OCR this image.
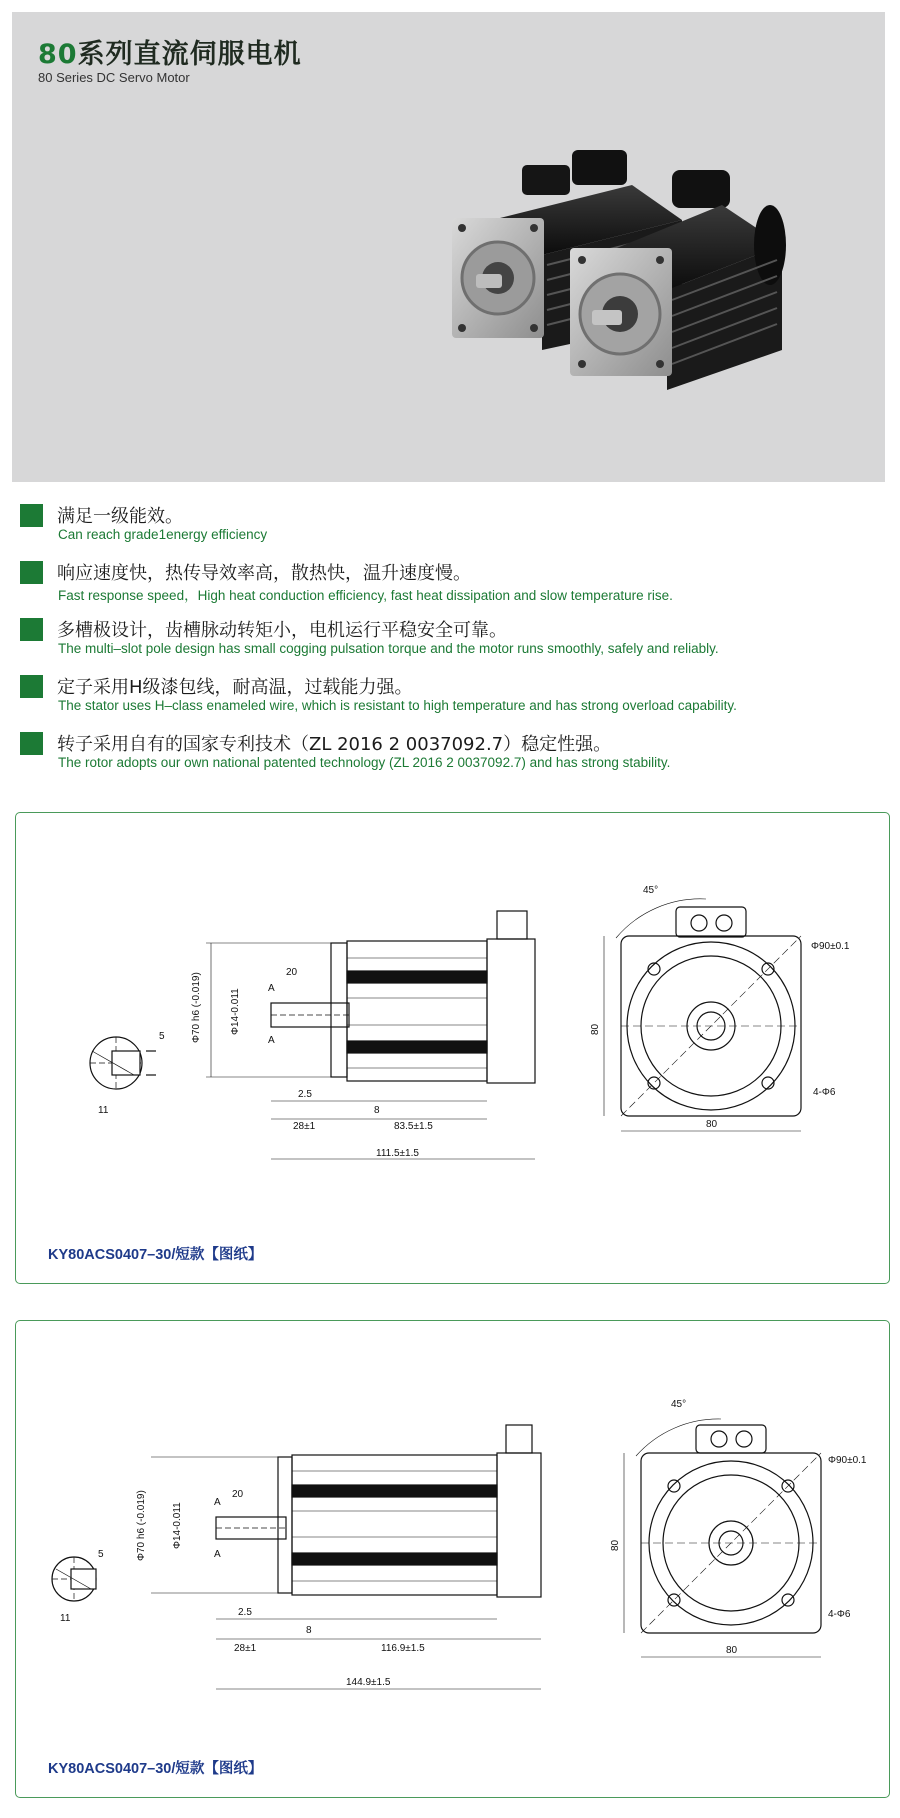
80系列直流伺服电机
80 Series DC Servo Motor
满足一级能效。
Can reach grade1energy efficiency
响应速度快，热传导效率高，散热快，温升速度慢。
Fast response speed，High heat conduction efficiency, fast heat dissipation and slow temperature rise.
多槽极设计，齿槽脉动转矩小，电机运行平稳安全可靠。
The multi–slot pole design has small cogging pulsation torque and the motor runs smoothly, safely and reliably.
定子采用H级漆包线，耐高温，过载能力强。
The stator uses H–class enameled wire, which is resistant to high temperature and has strong overload capability.
转子采用自有的国家专利技术（ZL 2016 2 0037092.7）稳定性强。
The rotor adopts our own national patented technology (ZL 2016 2 0037092.7) and has strong stability.
5
11
Φ70 h6 (-0.019)	Φ14-0.011
20
A
A
2.5
8
28±1	83.5±1.5
111.5±1.5
45°
Φ90±0.1
4-Φ6
80
80
KY80ACS0407–30/短款【图纸】
5
11
Φ70 h6 (-0.019)	Φ14-0.011
20
A
A
2.5
8
28±1	116.9±1.5
144.9±1.5
45°
Φ90±0.1
4-Φ6
80
80
KY80ACS0407–30/短款【图纸】
